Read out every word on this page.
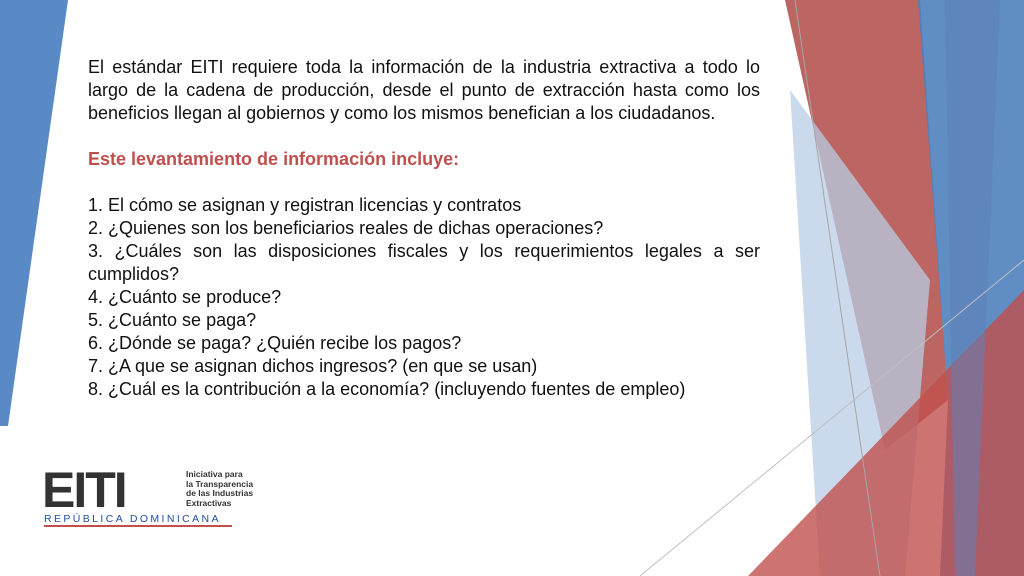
El estándar EITI requiere toda la información de la industria extractiva a todo lo largo de la cadena de producción, desde el punto de extracción hasta como los beneficios llegan al gobiernos y como los mismos benefician a los ciudadanos.

Este levantamiento de información incluye:
1. El cómo se asignan y registran licencias y contratos
2. ¿Quienes son los beneficiarios reales de dichas operaciones?
3. ¿Cuáles son las disposiciones fiscales y los requerimientos legales a ser cumplidos?
4. ¿Cuánto se produce?
5. ¿Cuánto se paga?
6. ¿Dónde se paga? ¿Quién recibe los pagos?
7. ¿A que se asignan dichos ingresos? (en que se usan)
8. ¿Cuál es la contribución a la economía? (incluyendo fuentes de empleo)
EITI	Iniciativa para
la Transparencia
de las Industrias
Extractivas
REPÚBLICA DOMINICANA
